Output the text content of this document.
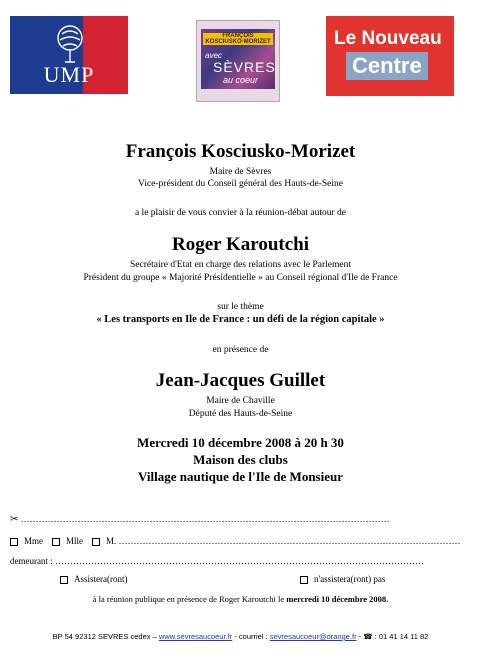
UMP
FRANÇOIS KOSCIUSKO-MORIZET
avec
SÈVRES
au coeur
Le Nouveau
Centre
François Kosciusko-Morizet
Maire de Sèvres
Vice-président du Conseil général des Hauts-de-Seine
a le plaisir de vous convier à la réunion-débat autour de
Roger Karoutchi
Secrétaire d'Etat en charge des relations avec le Parlement
Président du groupe « Majorité Présidentielle » au Conseil régional d'Ile de France
sur le thème
« Les transports en Ile de France : un défi de la région capitale »
en présence de
Jean-Jacques Guillet
Maire de Chaville
Député des Hauts-de-Seine
Mercredi 10 décembre 2008 à 20 h 30
Maison des clubs
Village nautique de l'Ile de Monsieur
✂ ……………………………………………………………………………………………………………
Mme	Mlle	M. ……………………………………………………………………………………………………
demeurant : ……………………………………………………………………………………………………………
Assistera(ront)	n'assistera(ront) pas
à la réunion publique en présence de Roger Karoutchi le mercredi 10 décembre 2008.
BP 54 92312 SEVRES cedex – www.sevresaucoeur.fr - courriel : sevresaucoeur@orange.fr - ☎ : 01 41 14 11 82
